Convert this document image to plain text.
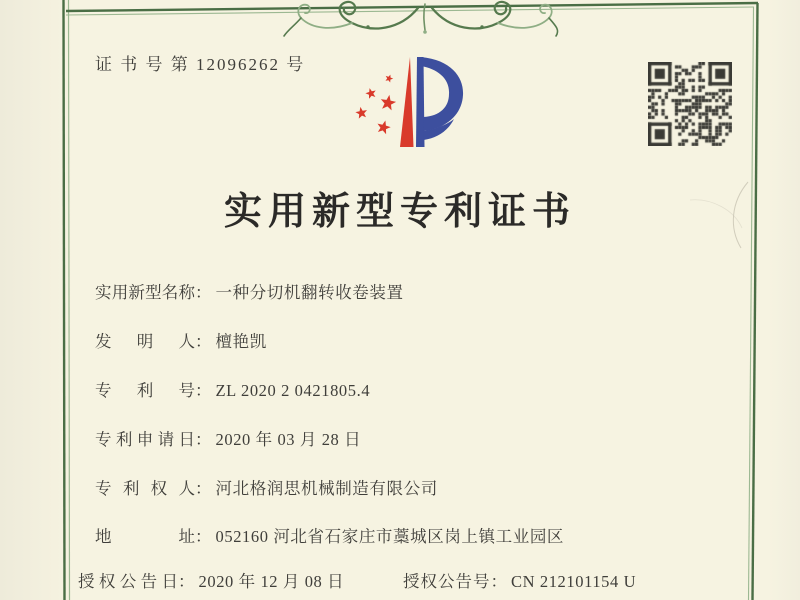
证 书 号 第 12096262 号
实用新型专利证书
实用新型名称： 一种分切机翻转收卷装置
发明人： 檀艳凯
专利号： ZL 2020 2 0421805.4
专利申请日： 2020 年 03 月 28 日
专利权人： 河北格润思机械制造有限公司
地址： 052160 河北省石家庄市藁城区岗上镇工业园区
授权公告日： 2020 年 12 月 08 日	授权公告号： CN 212101154 U
